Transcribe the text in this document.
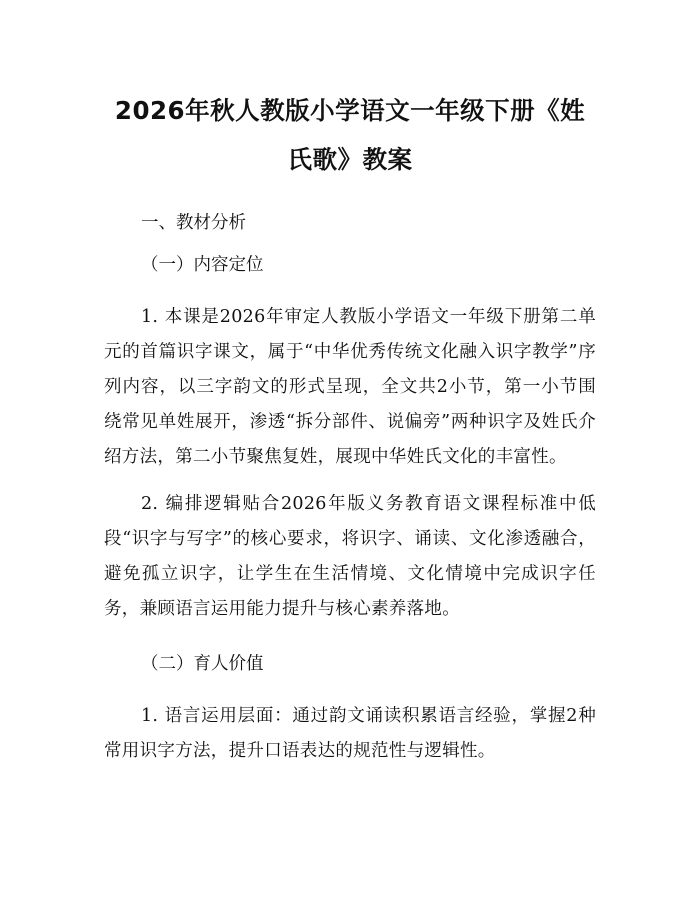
2026年秋人教版小学语文一年级下册《姓氏歌》教案
一、教材分析
（一）内容定位

1. 本课是2026年审定人教版小学语文一年级下册第二单元的首篇识字课文，属于“中华优秀传统文化融入识字教学”序列内容，以三字韵文的形式呈现，全文共2小节，第一小节围绕常见单姓展开，渗透“拆分部件、说偏旁”两种识字及姓氏介绍方法，第二小节聚焦复姓，展现中华姓氏文化的丰富性。

2. 编排逻辑贴合2026年版义务教育语文课程标准中低段“识字与写字”的核心要求，将识字、诵读、文化渗透融合，避免孤立识字，让学生在生活情境、文化情境中完成识字任务，兼顾语言运用能力提升与核心素养落地。

（二）育人价值

1. 语言运用层面：通过韵文诵读积累语言经验，掌握2种常用识字方法，提升口语表达的规范性与逻辑性。
